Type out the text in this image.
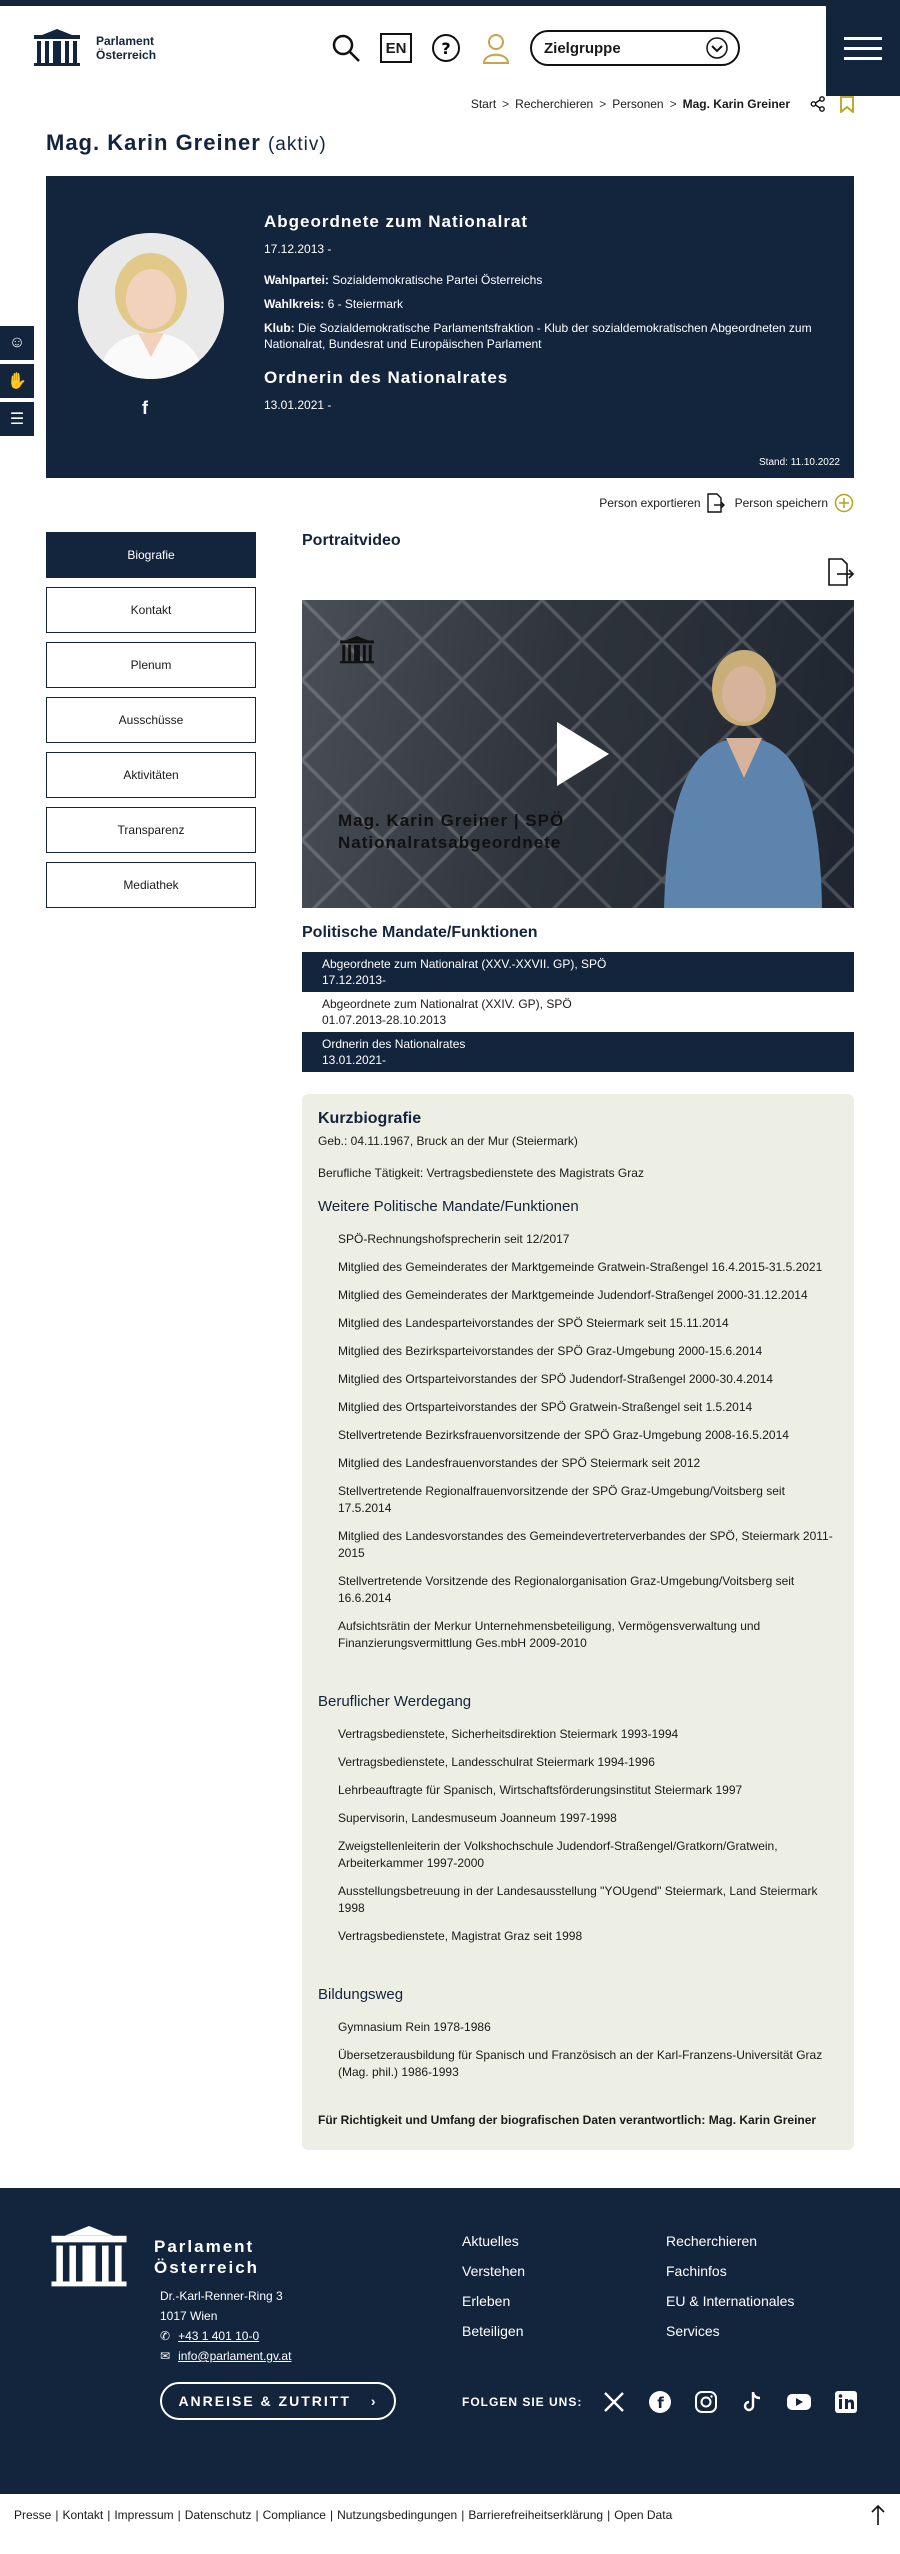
Parlament
Österreich	EN	?	Zielgruppe
Start > Recherchieren > Personen > Mag. Karin Greiner
Mag. Karin Greiner (aktiv)
☺
✋
☰
f
Abgeordnete zum Nationalrat
17.12.2013 -
Wahlpartei: Sozialdemokratische Partei Österreichs
Wahlkreis: 6 - Steiermark
Klub: Die Sozialdemokratische Parlamentsfraktion - Klub der sozialdemokratischen Abgeordneten zum Nationalrat, Bundesrat und Europäischen Parlament
Ordnerin des Nationalrates
13.01.2021 -
Stand: 11.10.2022
Person exportieren	Person speichern
Biografie
Kontakt
Plenum
Ausschüsse
Aktivitäten
Transparenz
Mediathek
Portraitvideo
Mag. Karin Greiner | SPÖ
Nationalratsabgeordnete
Politische Mandate/Funktionen
Abgeordnete zum Nationalrat (XXV.-XXVII. GP), SPÖ
17.12.2013-
Abgeordnete zum Nationalrat (XXIV. GP), SPÖ
01.07.2013-28.10.2013
Ordnerin des Nationalrates
13.01.2021-
Kurzbiografie
Geb.: 04.11.1967, Bruck an der Mur (Steiermark)
Berufliche Tätigkeit: Vertragsbedienstete des Magistrats Graz
Weitere Politische Mandate/Funktionen
SPÖ-Rechnungshofsprecherin seit 12/2017
Mitglied des Gemeinderates der Marktgemeinde Gratwein-Straßengel 16.4.2015-31.5.2021
Mitglied des Gemeinderates der Marktgemeinde Judendorf-Straßengel 2000-31.12.2014
Mitglied des Landesparteivorstandes der SPÖ Steiermark seit 15.11.2014
Mitglied des Bezirksparteivorstandes der SPÖ Graz-Umgebung 2000-15.6.2014
Mitglied des Ortsparteivorstandes der SPÖ Judendorf-Straßengel 2000-30.4.2014
Mitglied des Ortsparteivorstandes der SPÖ Gratwein-Straßengel seit 1.5.2014
Stellvertretende Bezirksfrauenvorsitzende der SPÖ Graz-Umgebung 2008-16.5.2014
Mitglied des Landesfrauenvorstandes der SPÖ Steiermark seit 2012
Stellvertretende Regionalfrauenvorsitzende der SPÖ Graz-Umgebung/Voitsberg seit 17.5.2014
Mitglied des Landesvorstandes des Gemeindevertreterverbandes der SPÖ, Steiermark 2011-2015
Stellvertretende Vorsitzende des Regionalorganisation Graz-Umgebung/Voitsberg seit 16.6.2014
Aufsichtsrätin der Merkur Unternehmensbeteiligung, Vermögensverwaltung und Finanzierungsvermittlung Ges.mbH 2009-2010
Beruflicher Werdegang
Vertragsbedienstete, Sicherheitsdirektion Steiermark 1993-1994
Vertragsbedienstete, Landesschulrat Steiermark 1994-1996
Lehrbeauftragte für Spanisch, Wirtschaftsförderungsinstitut Steiermark 1997
Supervisorin, Landesmuseum Joanneum 1997-1998
Zweigstellenleiterin der Volkshochschule Judendorf-Straßengel/Gratkorn/Gratwein, Arbeiterkammer 1997-2000
Ausstellungsbetreuung in der Landesausstellung "YOUgend" Steiermark, Land Steiermark 1998
Vertragsbedienstete, Magistrat Graz seit 1998
Bildungsweg
Gymnasium Rein 1978-1986
Übersetzerausbildung für Spanisch und Französisch an der Karl-Franzens-Universität Graz (Mag. phil.) 1986-1993
Für Richtigkeit und Umfang der biografischen Daten verantwortlich: Mag. Karin Greiner
Parlament
Österreich
Dr.-Karl-Renner-Ring 3
1017 Wien
✆ +43 1 401 10-0
✉ info@parlament.gv.at
ANREISE & ZUTRITT ›
Aktuelles
Verstehen
Erleben
Beteiligen
Recherchieren
Fachinfos
EU & Internationales
Services
FOLGEN SIE UNS:	f
Presse | Kontakt | Impressum | Datenschutz | Compliance | Nutzungsbedingungen | Barrierefreiheitserklärung | Open Data
